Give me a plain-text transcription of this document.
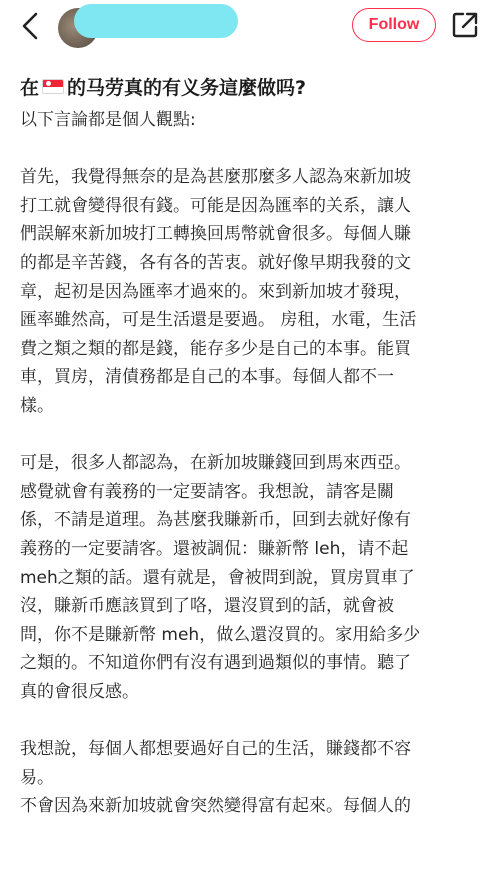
Follow
在 的马劳真的有义务這麼做吗?
以下言論都是個人觀點:
首先，我覺得無奈的是為甚麼那麼多人認為來新加坡
打工就會變得很有錢。可能是因為匯率的关系，讓人
們誤解來新加坡打工轉換回馬幣就會很多。每個人賺
的都是辛苦錢，各有各的苦衷。就好像早期我發的文
章，起初是因為匯率才過來的。來到新加坡才發現，
匯率雖然高，可是生活還是要過。 房租，水電，生活
費之類之類的都是錢，能存多少是自己的本事。能買
車，買房，清債務都是自己的本事。每個人都不一
樣。
可是，很多人都認為，在新加坡賺錢回到馬來西亞。
感覺就會有義務的一定要請客。我想說，請客是關
係，不請是道理。為甚麼我賺新币，回到去就好像有
義務的一定要請客。還被調侃：賺新幣 leh，请不起
meh之類的話。還有就是，會被問到說，買房買車了
沒，賺新币應該買到了咯，還沒買到的話，就會被
問，你不是賺新幣 meh，做么還沒買的。家用給多少
之類的。不知道你們有沒有遇到過類似的事情。聽了
真的會很反感。
我想說，每個人都想要過好自己的生活，賺錢都不容
易。
不會因為來新加坡就會突然變得富有起來。每個人的
